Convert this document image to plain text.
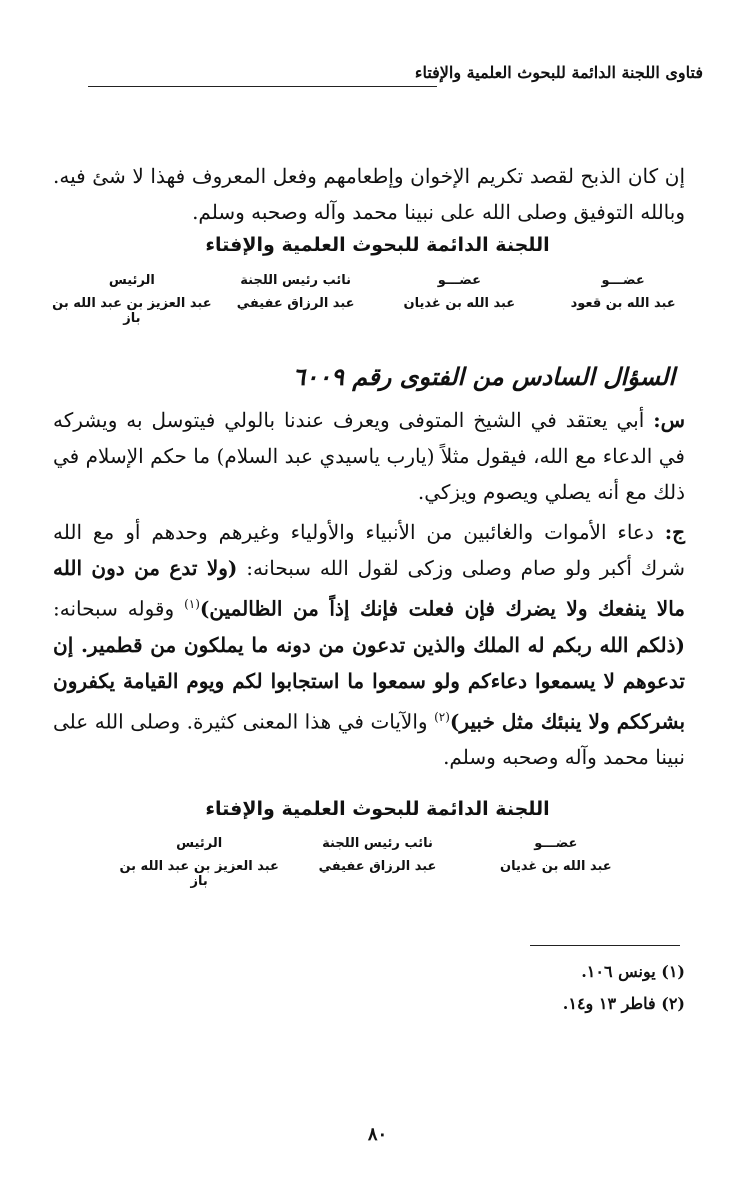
فتاوى اللجنة الدائمة للبحوث العلمية والإفتاء
إن كان الذبح لقصد تكريم الإخوان وإطعامهم وفعل المعروف فهذا لا شئ فيه.
وبالله التوفيق وصلى الله على نبينا محمد وآله وصحبه وسلم.
اللجنة الدائمة للبحوث العلمية والإفتاء
عضـــو
عبد الله بن قعود
عضـــو
عبد الله بن غديان
نائب رئيس اللجنة
عبد الرزاق عفيفي
الرئيس
عبد العزيز بن عبد الله بن باز
السؤال السادس من الفتوى رقم ٦٠٠٩
س: أبي يعتقد في الشيخ المتوفى ويعرف عندنا بالولي فيتوسل به ويشركه في الدعاء مع الله، فيقول مثلاً (يارب ياسيدي عبد السلام) ما حكم الإسلام في ذلك مع أنه يصلي ويصوم ويزكي.
ج: دعاء الأموات والغائبين من الأنبياء والأولياء وغيرهم وحدهم أو مع الله شرك أكبر ولو صام وصلى وزكى لقول الله سبحانه: (ولا تدع من دون الله مالا ينفعك ولا يضرك فإن فعلت فإنك إذاً من الظالمين)$^{(١)}$ وقوله سبحانه: (ذلكم الله ربكم له الملك والذين تدعون من دونه ما يملكون من قطمير. إن تدعوهم لا يسمعوا دعاءكم ولو سمعوا ما استجابوا لكم ويوم القيامة يكفرون بشرككم ولا ينبئك مثل خبير)$^{(٢)}$ والآيات في هذا المعنى كثيرة. وصلى الله على نبينا محمد وآله وصحبه وسلم.
اللجنة الدائمة للبحوث العلمية والإفتاء
عضـــو
عبد الله بن غديان
نائب رئيس اللجنة
عبد الرزاق عفيفي
الرئيس
عبد العزيز بن عبد الله بن باز
(١) يونس ١٠٦.
(٢) فاطر ١٣ و١٤.
٨٠
